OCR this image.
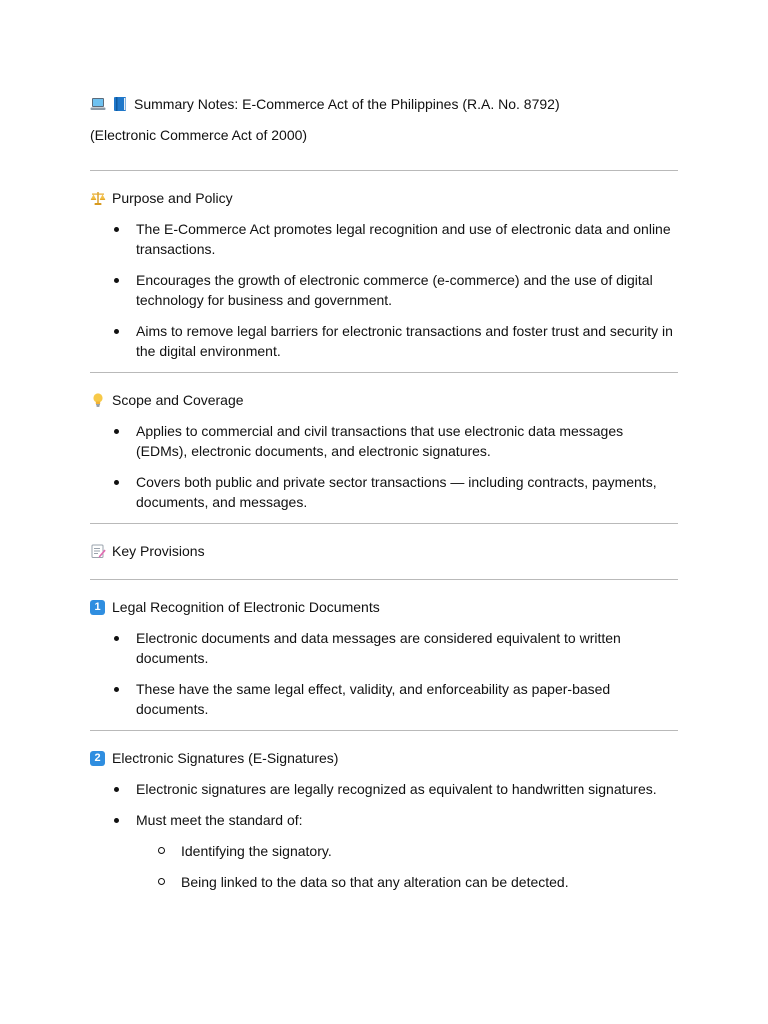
Summary Notes: E-Commerce Act of the Philippines (R.A. No. 8792)
(Electronic Commerce Act of 2000)
Purpose and Policy
The E-Commerce Act promotes legal recognition and use of electronic data and online transactions.
Encourages the growth of electronic commerce (e-commerce) and the use of digital technology for business and government.
Aims to remove legal barriers for electronic transactions and foster trust and security in the digital environment.
Scope and Coverage
Applies to commercial and civil transactions that use electronic data messages (EDMs), electronic documents, and electronic signatures.
Covers both public and private sector transactions — including contracts, payments, documents, and messages.
Key Provisions
1 Legal Recognition of Electronic Documents
Electronic documents and data messages are considered equivalent to written documents.
These have the same legal effect, validity, and enforceability as paper-based documents.
2 Electronic Signatures (E-Signatures)
Electronic signatures are legally recognized as equivalent to handwritten signatures.
Must meet the standard of:
Identifying the signatory.
Being linked to the data so that any alteration can be detected.
